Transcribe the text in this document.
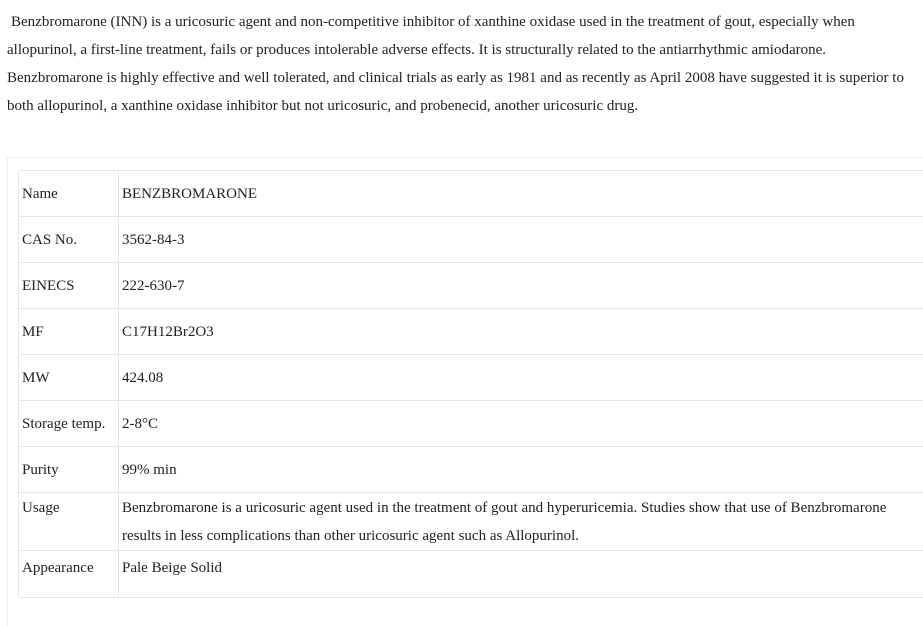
Benzbromarone (INN) is a uricosuric agent and non-competitive inhibitor of xanthine oxidase used in the treatment of gout, especially when allopurinol, a first-line treatment, fails or produces intolerable adverse effects. It is structurally related to the antiarrhythmic amiodarone. Benzbromarone is highly effective and well tolerated, and clinical trials as early as 1981 and as recently as April 2008 have suggested it is superior to both allopurinol, a xanthine oxidase inhibitor but not uricosuric, and probenecid, another uricosuric drug.

Name	BENZBROMARONE
CAS No.	3562-84-3
EINECS	222-630-7
MF	C17H12Br2O3
MW	424.08
Storage temp.	2-8°C
Purity	99% min
Usage	Benzbromarone is a uricosuric agent used in the treatment of gout and hyperuricemia. Studies show that use of Benzbromarone results in less complications than other uricosuric agent such as Allopurinol.
Appearance	Pale Beige Solid
